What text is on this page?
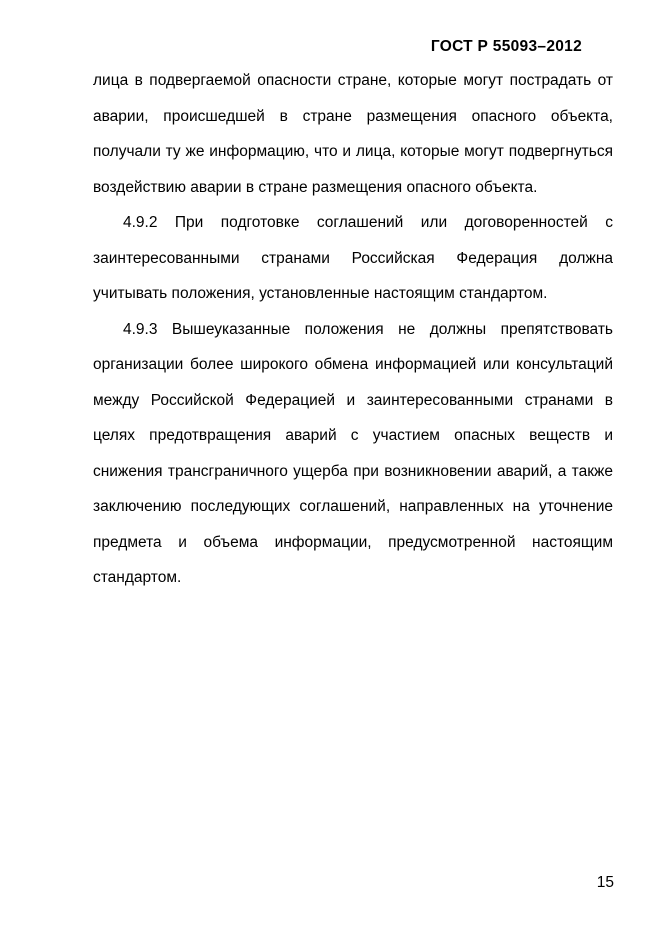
ГОСТ Р 55093–2012
лица в подвергаемой опасности стране, которые могут пострадать от
аварии, происшедшей в стране размещения опасного объекта,
получали ту же информацию, что и лица, которые могут подвергнуться
воздействию аварии в стране размещения опасного объекта.
4.9.2 При подготовке соглашений или договоренностей с
заинтересованными странами Российская Федерация должна
учитывать положения, установленные настоящим стандартом.
4.9.3 Вышеуказанные положения не должны препятствовать
организации более широкого обмена информацией или консультаций
между Российской Федерацией и заинтересованными странами в
целях предотвращения аварий с участием опасных веществ и
снижения трансграничного ущерба при возникновении аварий, а также
заключению последующих соглашений, направленных на уточнение
предмета и объема информации, предусмотренной настоящим
стандартом.
15
